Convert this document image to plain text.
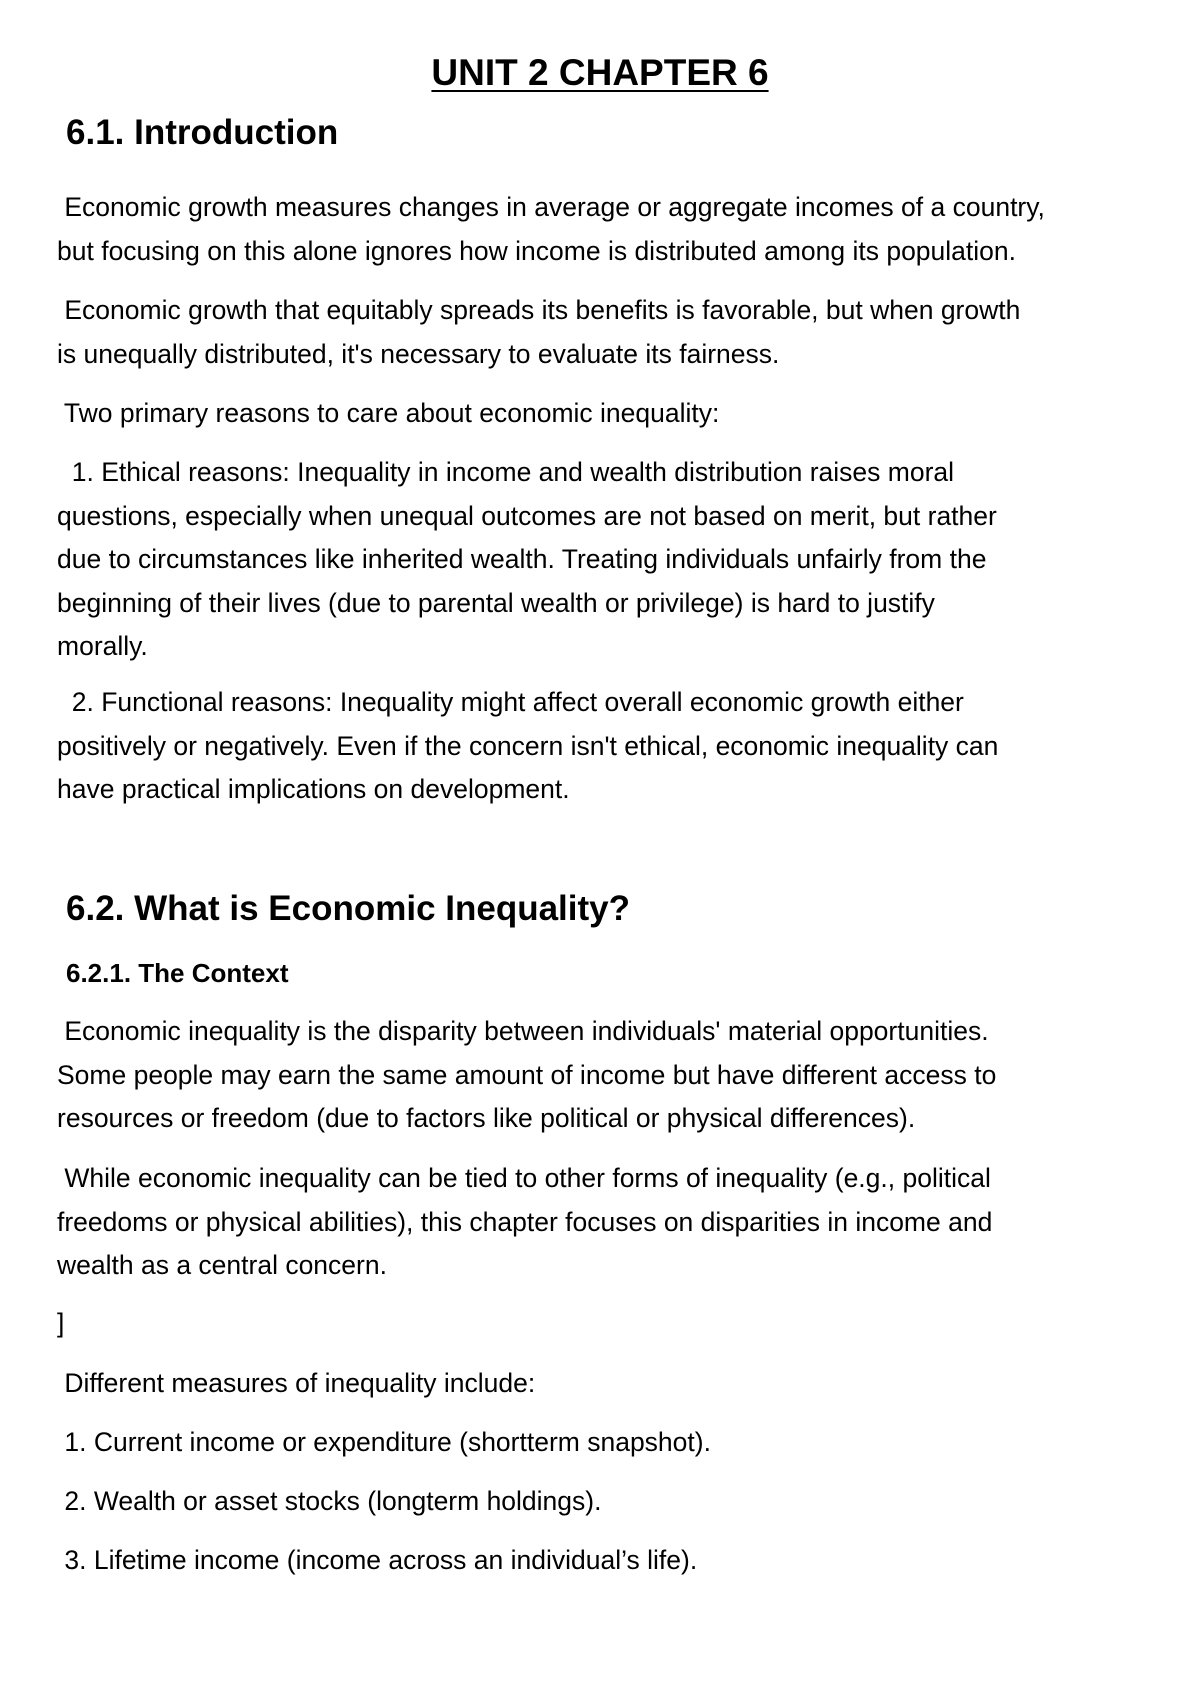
UNIT 2 CHAPTER 6
6.1. Introduction

Economic growth measures changes in average or aggregate incomes of a country,
but focusing on this alone ignores how income is distributed among its population.

Economic growth that equitably spreads its benefits is favorable, but when growth
is unequally distributed, it's necessary to evaluate its fairness.

Two primary reasons to care about economic inequality:

1. Ethical reasons: Inequality in income and wealth distribution raises moral
questions, especially when unequal outcomes are not based on merit, but rather
due to circumstances like inherited wealth. Treating individuals unfairly from the
beginning of their lives (due to parental wealth or privilege) is hard to justify
morally.

2. Functional reasons: Inequality might affect overall economic growth either
positively or negatively. Even if the concern isn't ethical, economic inequality can
have practical implications on development.

6.2. What is Economic Inequality?
6.2.1. The Context

Economic inequality is the disparity between individuals' material opportunities.
Some people may earn the same amount of income but have different access to
resources or freedom (due to factors like political or physical differences).

While economic inequality can be tied to other forms of inequality (e.g., political
freedoms or physical abilities), this chapter focuses on disparities in income and
wealth as a central concern.

]

Different measures of inequality include:

1. Current income or expenditure (shortterm snapshot).

2. Wealth or asset stocks (longterm holdings).

3. Lifetime income (income across an individual’s life).
